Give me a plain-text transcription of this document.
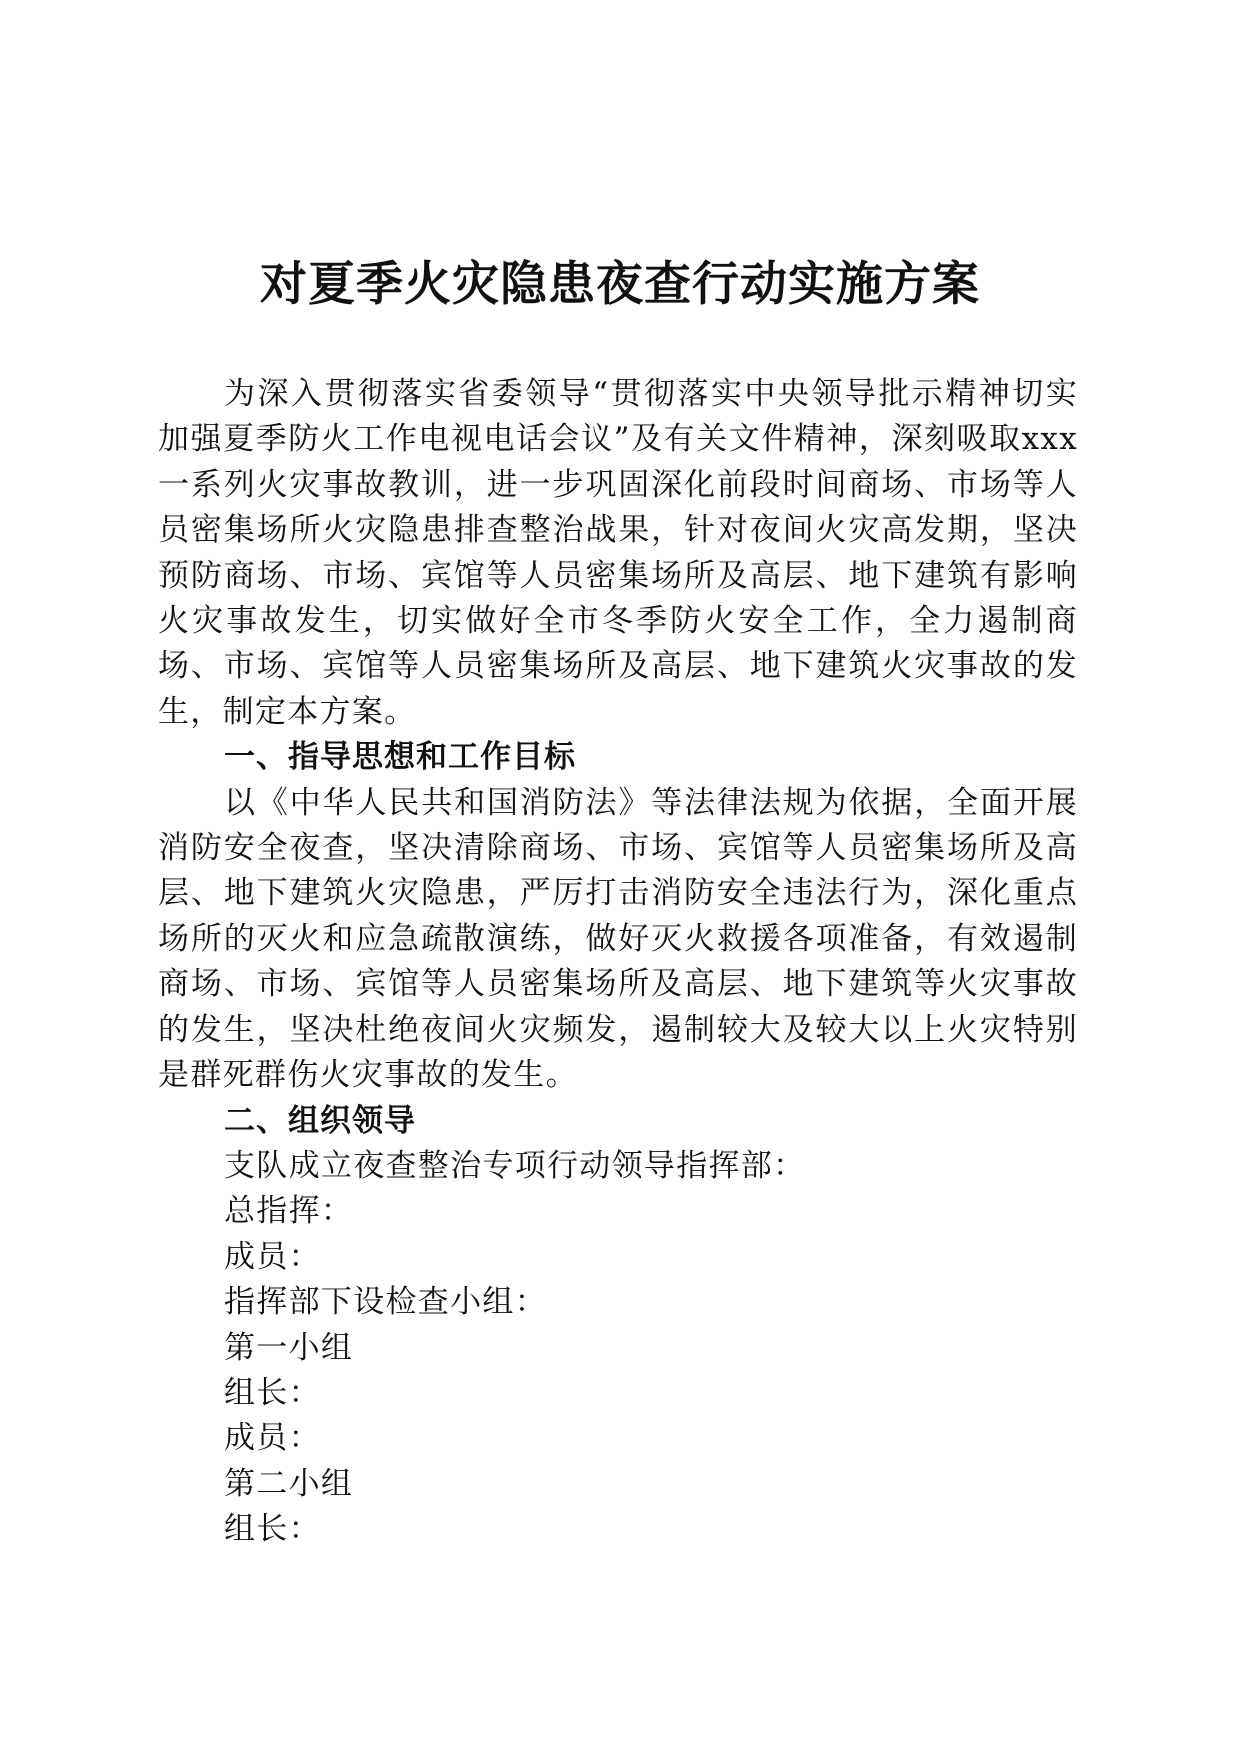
对夏季火灾隐患夜查行动实施方案

为深入贯彻落实省委领导“贯彻落实中央领导批示精神切实加强夏季防火工作电视电话会议”及有关文件精神，深刻吸取xxx一系列火灾事故教训，进一步巩固深化前段时间商场、市场等人员密集场所火灾隐患排查整治战果，针对夜间火灾高发期，坚决预防商场、市场、宾馆等人员密集场所及高层、地下建筑有影响火灾事故发生，切实做好全市冬季防火安全工作，全力遏制商场、市场、宾馆等人员密集场所及高层、地下建筑火灾事故的发生，制定本方案。

一、指导思想和工作目标

以《中华人民共和国消防法》等法律法规为依据，全面开展消防安全夜查，坚决清除商场、市场、宾馆等人员密集场所及高层、地下建筑火灾隐患，严厉打击消防安全违法行为，深化重点场所的灭火和应急疏散演练，做好灭火救援各项准备，有效遏制商场、市场、宾馆等人员密集场所及高层、地下建筑等火灾事故的发生，坚决杜绝夜间火灾频发，遏制较大及较大以上火灾特别是群死群伤火灾事故的发生。

二、组织领导

支队成立夜查整治专项行动领导指挥部：

总指挥：

成员：

指挥部下设检查小组：

第一小组

组长：

成员：

第二小组

组长：
